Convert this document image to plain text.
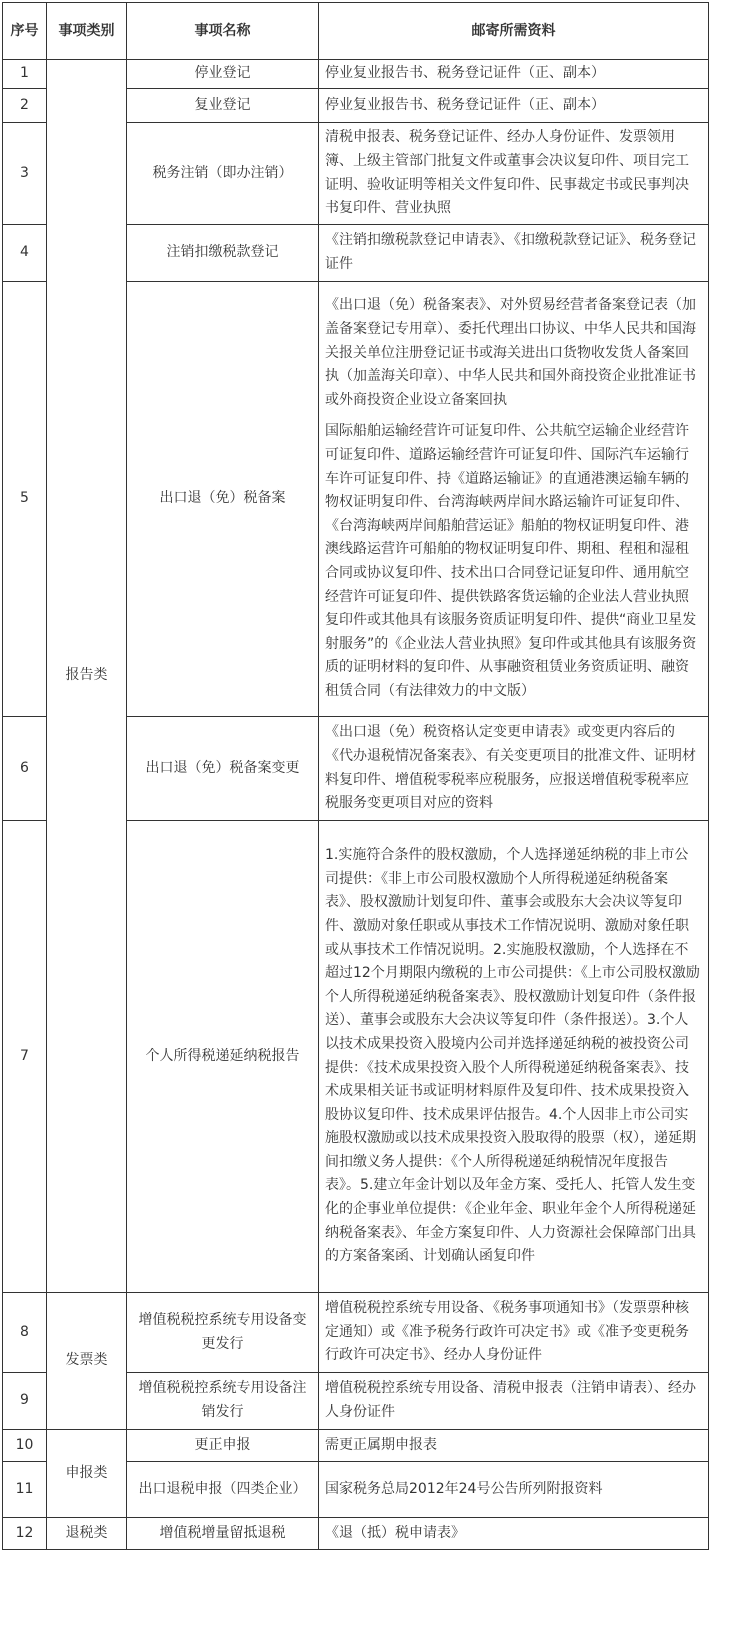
序号	事项类别	事项名称	邮寄所需资料
1	报告类	停业登记	停业复业报告书、税务登记证件（正、副本）
2		复业登记	停业复业报告书、税务登记证件（正、副本）
3		税务注销（即办注销）	清税申报表、税务登记证件、经办人身份证件、发票领用簿、上级主管部门批复文件或董事会决议复印件、项目完工证明、验收证明等相关文件复印件、民事裁定书或民事判决书复印件、营业执照
4		注销扣缴税款登记	《注销扣缴税款登记申请表》、《扣缴税款登记证》、税务登记证件
5		出口退（免）税备案	《出口退（免）税备案表》、对外贸易经营者备案登记表（加盖备案登记专用章）、委托代理出口协议、中华人民共和国海关报关单位注册登记证书或海关进出口货物收发货人备案回执（加盖海关印章）、中华人民共和国外商投资企业批准证书或外商投资企业设立备案回执
国际船舶运输经营许可证复印件、公共航空运输企业经营许可证复印件、道路运输经营许可证复印件、国际汽车运输行车许可证复印件、持《道路运输证》的直通港澳运输车辆的物权证明复印件、台湾海峡两岸间水路运输许可证复印件、《台湾海峡两岸间船舶营运证》船舶的物权证明复印件、港澳线路运营许可船舶的物权证明复印件、期租、程租和湿租合同或协议复印件、技术出口合同登记证复印件、通用航空经营许可证复印件、提供铁路客货运输的企业法人营业执照复印件或其他具有该服务资质证明复印件、提供“商业卫星发射服务”的《企业法人营业执照》复印件或其他具有该服务资质的证明材料的复印件、从事融资租赁业务资质证明、融资租赁合同（有法律效力的中文版）

6		出口退（免）税备案变更	《出口退（免）税资格认定变更申请表》或变更内容后的《代办退税情况备案表》、有关变更项目的批准文件、证明材料复印件、增值税零税率应税服务，应报送增值税零税率应税服务变更项目对应的资料
7		个人所得税递延纳税报告	1.实施符合条件的股权激励，个人选择递延纳税的非上市公司提供：《非上市公司股权激励个人所得税递延纳税备案表》、股权激励计划复印件、董事会或股东大会决议等复印件、激励对象任职或从事技术工作情况说明、激励对象任职或从事技术工作情况说明。2.实施股权激励，个人选择在不超过12个月期限内缴税的上市公司提供：《上市公司股权激励个人所得税递延纳税备案表》、股权激励计划复印件（条件报送）、董事会或股东大会决议等复印件（条件报送）。3.个人以技术成果投资入股境内公司并选择递延纳税的被投资公司提供：《技术成果投资入股个人所得税递延纳税备案表》、技术成果相关证书或证明材料原件及复印件、技术成果投资入股协议复印件、技术成果评估报告。4.个人因非上市公司实施股权激励或以技术成果投资入股取得的股票（权），递延期间扣缴义务人提供：《个人所得税递延纳税情况年度报告表》。5.建立年金计划以及年金方案、受托人、托管人发生变化的企事业单位提供：《企业年金、职业年金个人所得税递延纳税备案表》、年金方案复印件、人力资源社会保障部门出具的方案备案函、计划确认函复印件
8	发票类	增值税税控系统专用设备变更发行	增值税税控系统专用设备、《税务事项通知书》（发票票种核定通知）或《准予税务行政许可决定书》或《准予变更税务行政许可决定书》、经办人身份证件
9		增值税税控系统专用设备注销发行	增值税税控系统专用设备、清税申报表（注销申请表）、经办人身份证件
10	申报类	更正申报	需更正属期申报表
11		出口退税申报（四类企业）	国家税务总局2012年24号公告所列附报资料
12	退税类	增值税增量留抵退税	《退（抵）税申请表》
